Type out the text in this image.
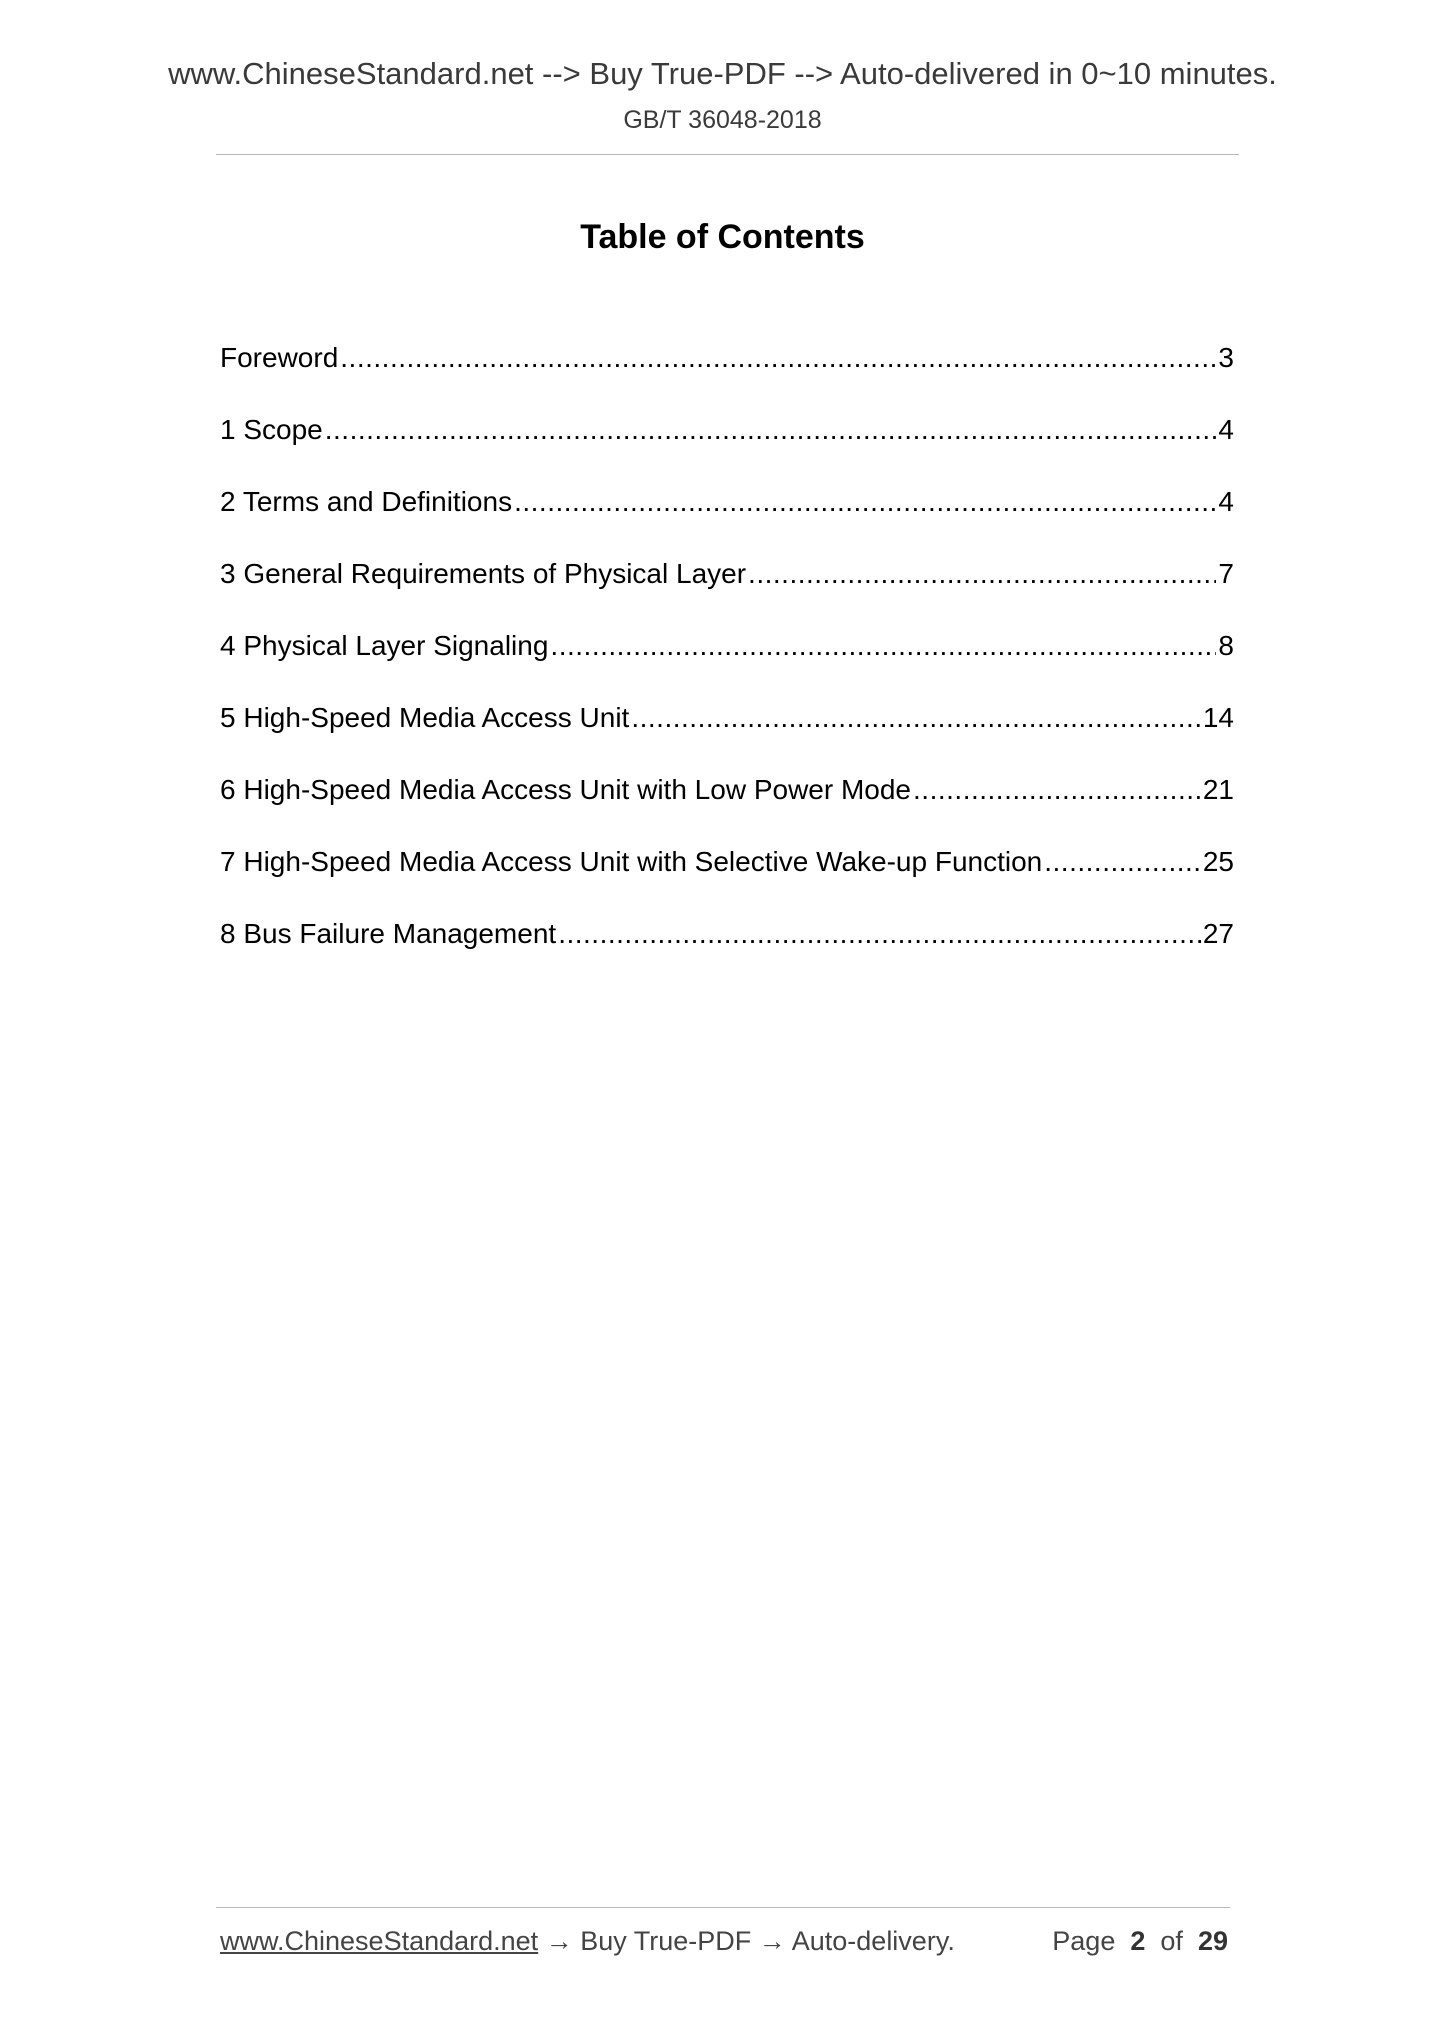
www.ChineseStandard.net --> Buy True-PDF --> Auto-delivered in 0~10 minutes.
GB/T 36048-2018
Table of Contents
Foreword .....	3
1 Scope .....	4
2 Terms and Definitions .....	4
3 General Requirements of Physical Layer .....	7
4 Physical Layer Signaling .....	8
5 High-Speed Media Access Unit .....	14
6 High-Speed Media Access Unit with Low Power Mode .....	21
7 High-Speed Media Access Unit with Selective Wake-up Function .....	25
8 Bus Failure Management .....	27
www.ChineseStandard.net → Buy True-PDF → Auto-delivery.	Page 2 of 29
